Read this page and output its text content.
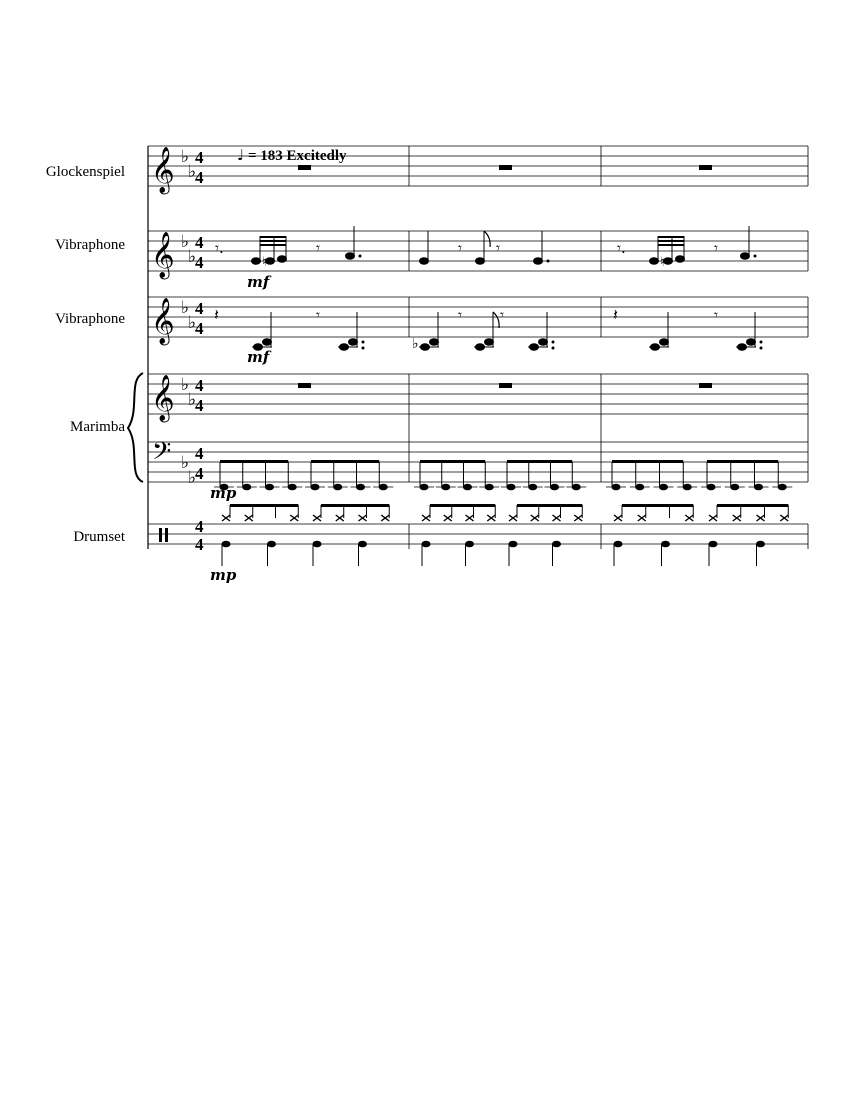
♩ = 183 Excitedly
Glockenspiel
Vibraphone
Vibraphone
Marimba
Drumset
𝄞 ♭
♭
4
4
𝄞 ♭
♭
4
4
𝄾.
♮
𝄾	𝄾 𝄾	𝄾.
♮
𝄾
mf
𝄞 ♭
♭
4
4
𝄽	𝄾
♭
𝄾	𝄾	𝄽	𝄾
mf
𝄞 ♭
♭
4
4
𝄢 ♭
♭
4
4
mp
4
4
mp
